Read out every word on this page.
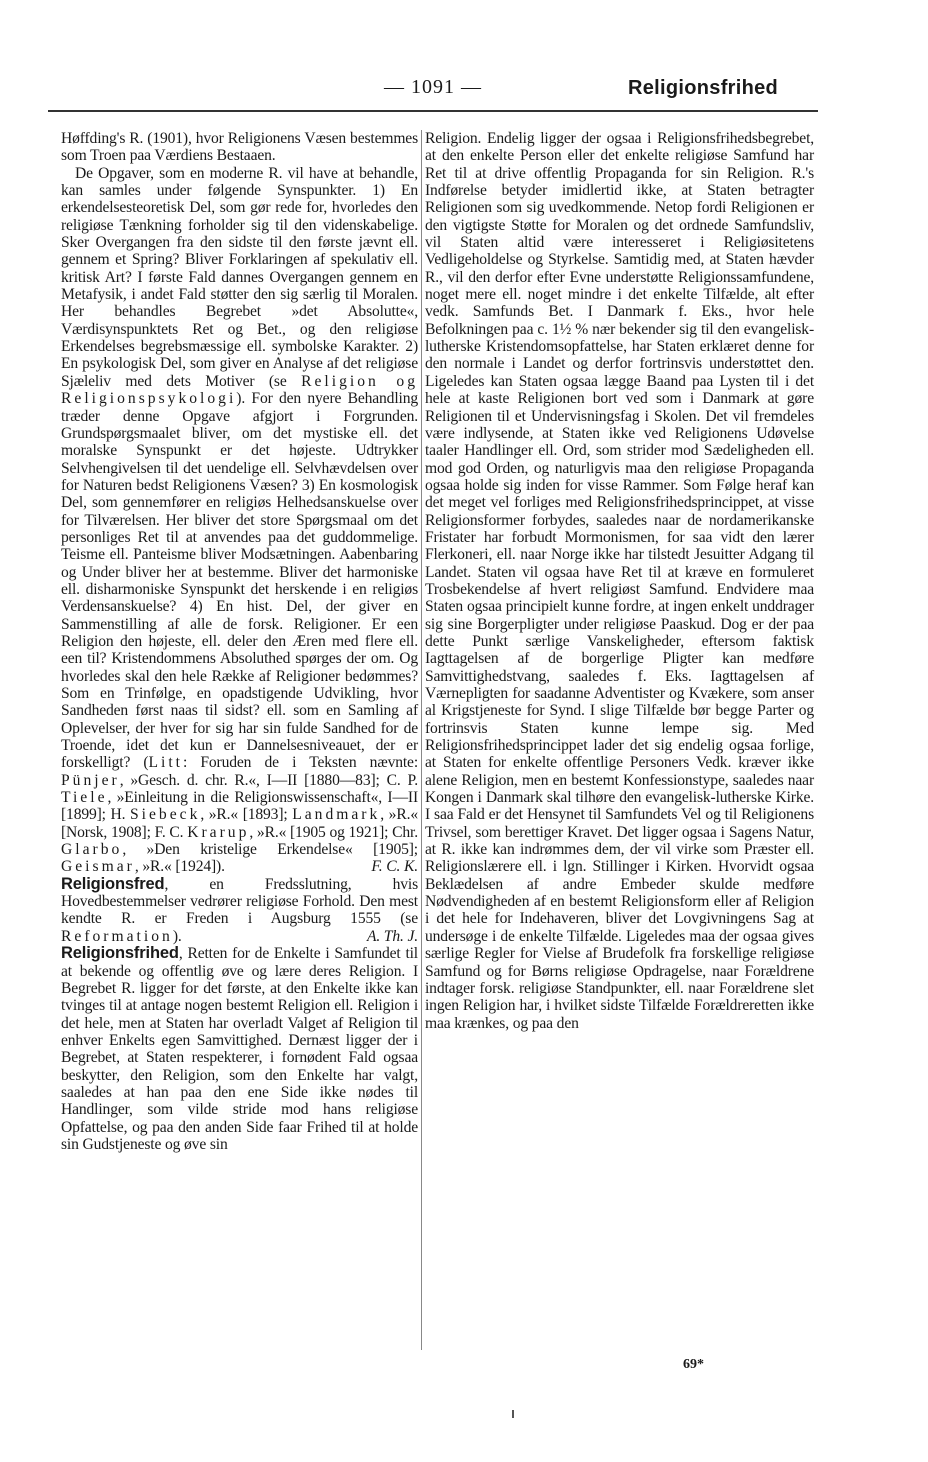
— 1091 —	Religionsfrihed

Høffding's R. (1901), hvor Religionens Væsen bestemmes som Troen paa Værdiens Bestaaen.

De Opgaver, som en moderne R. vil have at behandle, kan samles under følgende Synspunkter. 1) En erkendelsesteoretisk Del, som gør rede for, hvorledes den religiøse Tænkning forholder sig til den videnskabelige. Sker Overgangen fra den sidste til den første jævnt ell. gennem et Spring? Bliver Forklaringen af spekulativ ell. kritisk Art? I første Fald dannes Overgangen gennem en Metafysik, i andet Fald støtter den sig særlig til Moralen. Her behandles Begrebet »det Absolutte«, Værdisynspunktets Ret og Bet., og den religiøse Erkendelses begrebsmæssige ell. symbolske Karakter. 2) En psykologisk Del, som giver en Analyse af det religiøse Sjæleliv med dets Motiver (se Religion og Religionspsykologi). For den nyere Behandling træder denne Opgave afgjort i Forgrunden. Grundspørgsmaalet bliver, om det mystiske ell. det moralske Synspunkt er det højeste. Udtrykker Selvhengivelsen til det uendelige ell. Selvhævdelsen over for Naturen bedst Religionens Væsen? 3) En kosmologisk Del, som gennemfører en religiøs Helhedsanskuelse over for Tilværelsen. Her bliver det store Spørgsmaal om det personliges Ret til at anvendes paa det guddommelige. Teisme ell. Panteisme bliver Modsætningen. Aabenbaring og Under bliver her at bestemme. Bliver det harmoniske ell. disharmoniske Synspunkt det herskende i en religiøs Verdensanskuelse? 4) En hist. Del, der giver en Sammenstilling af alle de forsk. Religioner. Er een Religion den højeste, ell. deler den Æren med flere ell. een til? Kristendommens Absoluthed spørges der om. Og hvorledes skal den hele Række af Religioner bedømmes? Som en Trinfølge, en opadstigende Udvikling, hvor Sandheden først naas til sidst? ell. som en Samling af Oplevelser, der hver for sig har sin fulde Sandhed for de Troende, idet det kun er Dannelsesniveauet, der er forskelligt? (Litt: Foruden de i Teksten nævnte: Pünjer, »Gesch. d. chr. R.«, I—II [1880—83]; C. P. Tiele, »Einleitung in die Religionswissenschaft«, I—II [1899]; H. Siebeck, »R.« [1893]; Landmark, »R.« [Norsk, 1908]; F. C. Krarup, »R.« [1905 og 1921]; Chr. Glarbo, »Den kristelige Erkendelse« [1905]; Geismar, »R.« [1924]).	F. C. K.

Religionsfred, en Fredsslutning, hvis Hovedbestemmelser vedrører religiøse Forhold. Den mest kendte R. er Freden i Augsburg 1555 (se Reformation).	A. Th. J.

Religionsfrihed, Retten for de Enkelte i Samfundet til at bekende og offentlig øve og lære deres Religion. I Begrebet R. ligger for det første, at den Enkelte ikke kan tvinges til at antage nogen bestemt Religion ell. Religion i det hele, men at Staten har overladt Valget af Religion til enhver Enkelts egen Samvittighed. Dernæst ligger der i Begrebet, at Staten respekterer, i fornødent Fald ogsaa beskytter, den Religion, som den Enkelte har valgt, saaledes at han paa den ene Side ikke nødes til Handlinger, som vilde stride mod hans religiøse Opfattelse, og paa den anden Side faar Frihed til at holde sin Gudstjeneste og øve sin

Religion. Endelig ligger der ogsaa i Religionsfrihedsbegrebet, at den enkelte Person eller det enkelte religiøse Samfund har Ret til at drive offentlig Propaganda for sin Religion. R.'s Indførelse betyder imidlertid ikke, at Staten betragter Religionen som sig uvedkommende. Netop fordi Religionen er den vigtigste Støtte for Moralen og det ordnede Samfundsliv, vil Staten altid være interesseret i Religiøsitetens Vedligeholdelse og Styrkelse. Samtidig med, at Staten hævder R., vil den derfor efter Evne understøtte Religionssamfundene, noget mere ell. noget mindre i det enkelte Tilfælde, alt efter vedk. Samfunds Bet. I Danmark f. Eks., hvor hele Befolkningen paa c. 1½ % nær bekender sig til den evangelisk-lutherske Kristendomsopfattelse, har Staten erklæret denne for den normale i Landet og derfor fortrinsvis understøttet den. Ligeledes kan Staten ogsaa lægge Baand paa Lysten til i det hele at kaste Religionen bort ved som i Danmark at gøre Religionen til et Undervisningsfag i Skolen. Det vil fremdeles være indlysende, at Staten ikke ved Religionens Udøvelse taaler Handlinger ell. Ord, som strider mod Sædeligheden ell. mod god Orden, og naturligvis maa den religiøse Propaganda ogsaa holde sig inden for visse Rammer. Som Følge heraf kan det meget vel forliges med Religionsfrihedsprincippet, at visse Religionsformer forbydes, saaledes naar de nordamerikanske Fristater har forbudt Mormonismen, for saa vidt den lærer Flerkoneri, ell. naar Norge ikke har tilstedt Jesuitter Adgang til Landet. Staten vil ogsaa have Ret til at kræve en formuleret Trosbekendelse af hvert religiøst Samfund. Endvidere maa Staten ogsaa principielt kunne fordre, at ingen enkelt unddrager sig sine Borgerpligter under religiøse Paaskud. Dog er der paa dette Punkt særlige Vanskeligheder, eftersom faktisk Iagttagelsen af de borgerlige Pligter kan medføre Samvittighedstvang, saaledes f. Eks. Iagttagelsen af Værnepligten for saadanne Adventister og Kvækere, som anser al Krigstjeneste for Synd. I slige Tilfælde bør begge Parter og fortrinsvis Staten kunne lempe sig. Med Religionsfrihedsprincippet lader det sig endelig ogsaa forlige, at Staten for enkelte offentlige Personers Vedk. kræver ikke alene Religion, men en bestemt Konfessionstype, saaledes naar Kongen i Danmark skal tilhøre den evangelisk-lutherske Kirke. I saa Fald er det Hensynet til Samfundets Vel og til Religionens Trivsel, som berettiger Kravet. Det ligger ogsaa i Sagens Natur, at R. ikke kan indrømmes dem, der vil virke som Præster ell. Religionslærere ell. i lgn. Stillinger i Kirken. Hvorvidt ogsaa Beklædelsen af andre Embeder skulde medføre Nødvendigheden af en bestemt Religionsform eller af Religion i det hele for Indehaveren, bliver det Lovgivningens Sag at undersøge i de enkelte Tilfælde. Ligeledes maa der ogsaa gives særlige Regler for Vielse af Brudefolk fra forskellige religiøse Samfund og for Børns religiøse Opdragelse, naar Forældrene indtager forsk. religiøse Standpunkter, ell. naar Forældrene slet ingen Religion har, i hvilket sidste Tilfælde Forældreretten ikke maa krænkes, og paa den

69*
